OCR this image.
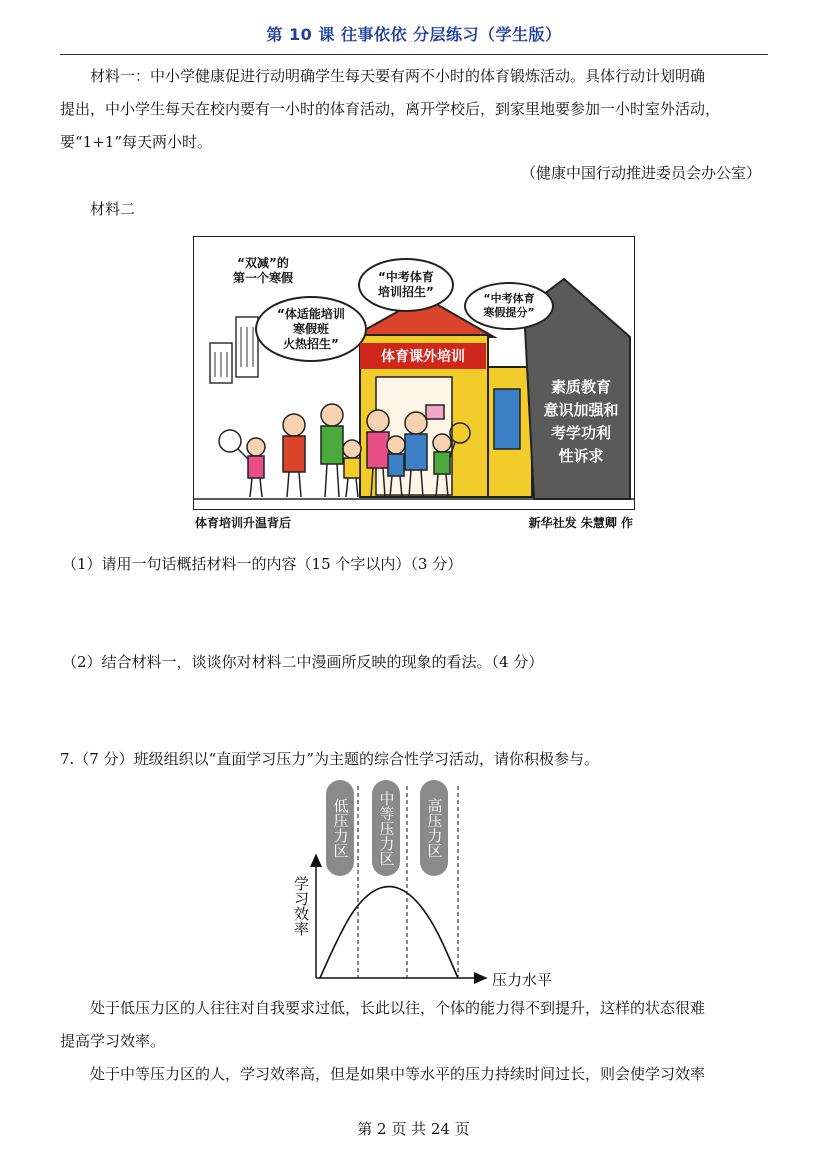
第 10 课 往事依依 分层练习（学生版）
材料一：中小学健康促进行动明确学生每天要有两不小时的体育锻炼活动。具体行动计划明确
提出，中小学生每天在校内要有一小时的体育活动，离开学校后，到家里地要参加一小时室外活动，
要“1+1”每天两小时。
（健康中国行动推进委员会办公室）
材料二
“双减”的
第一个寒假
“体适能培训
寒假班
火热招生”
“中考体育
培训招生”	“中考体育
寒假提分”
体育课外培训
素质教育
意识加强和
考学功利
性诉求
体育培训升温背后	新华社发 朱慧卿 作
（1）请用一句话概括材料一的内容（15 个字以内）（3 分）
（2）结合材料一，谈谈你对材料二中漫画所反映的现象的看法。（4 分）
7.（7 分）班级组织以“直面学习压力”为主题的综合性学习活动，请你积极参与。
低压力区	中等压力区	高压力区
学习效率
压力水平
处于低压力区的人往往对自我要求过低，长此以往，个体的能力得不到提升，这样的状态很难
提高学习效率。
处于中等压力区的人，学习效率高，但是如果中等水平的压力持续时间过长，则会使学习效率
第 2 页 共 24 页
